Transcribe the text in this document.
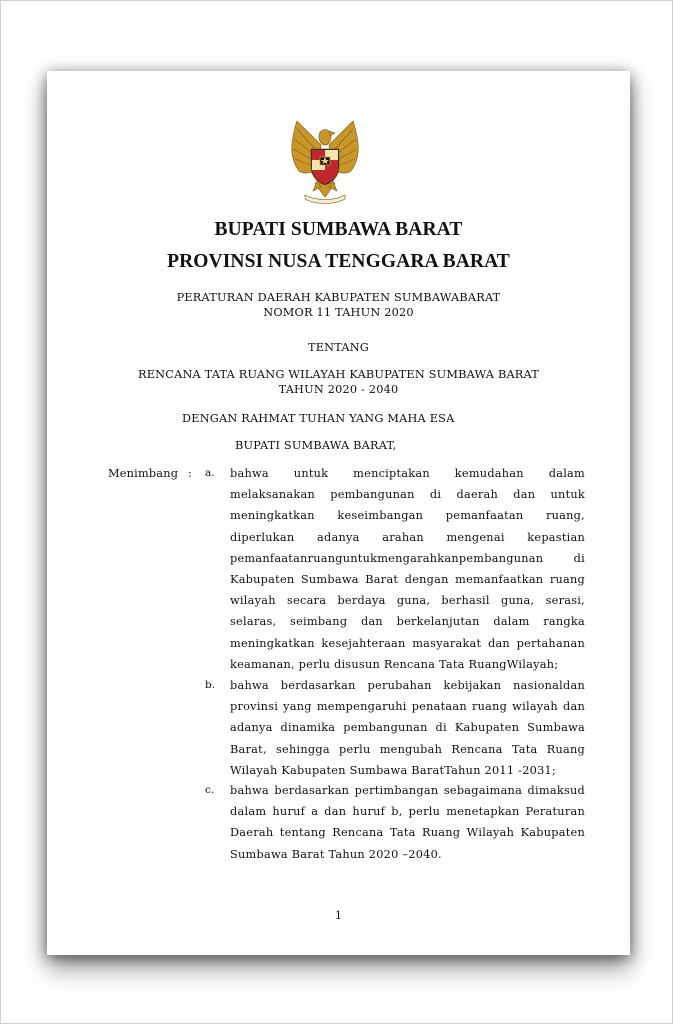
BUPATI SUMBAWA BARAT
PROVINSI NUSA TENGGARA BARAT
PERATURAN DAERAH KABUPATEN SUMBAWABARAT
NOMOR 11 TAHUN 2020
TENTANG
RENCANA TATA RUANG WILAYAH KABUPATEN SUMBAWA BARAT
TAHUN 2020 - 2040
DENGAN RAHMAT TUHAN YANG MAHA ESA
BUPATI SUMBAWA BARAT,
Menimbang : a. bahwa untuk menciptakan kemudahan dalam
melaksanakan pembangunan di daerah dan untuk
meningkatkan keseimbangan pemanfaatan ruang,
diperlukan adanya arahan mengenai kepastian
pemanfaatanruanguntukmengarahkanpembangunan di
Kabupaten Sumbawa Barat dengan memanfaatkan ruang
wilayah secara berdaya guna, berhasil guna, serasi,
selaras, seimbang dan berkelanjutan dalam rangka
meningkatkan kesejahteraan masyarakat dan pertahanan
keamanan, perlu disusun Rencana Tata RuangWilayah;
b. bahwa berdasarkan perubahan kebijakan nasionaldan
provinsi yang mempengaruhi penataan ruang wilayah dan
adanya dinamika pembangunan di Kabupaten Sumbawa
Barat, sehingga perlu mengubah Rencana Tata Ruang
Wilayah Kabupaten Sumbawa BaratTahun 2011 -2031;
c. bahwa berdasarkan pertimbangan sebagaimana dimaksud
dalam huruf a dan huruf b, perlu menetapkan Peraturan
Daerah tentang Rencana Tata Ruang Wilayah Kabupaten
Sumbawa Barat Tahun 2020 –2040.
1
